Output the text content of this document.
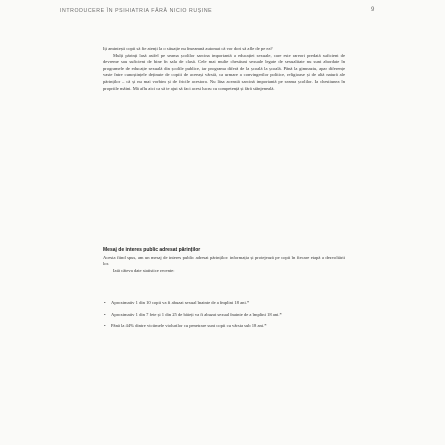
INTRODUCERE ÎN PSIHIATRIA FĂRĂ NICIO RUȘINE	9

Iți amintești copii să fie atenți la o situație nu înseamnă automat că vor dori să afle de pe ea?

Mulți părinți lasă astfel pe seama școlilor sarcina importantă a educației sexuale, care este rareori predată suficient de devreme sau suficient de bine în sala de clasă. Cele mai multe chestiuni sexuale legate de sexualitate nu sunt abordate în programele de educație sexuală din școlile publice, iar programa diferă de la școală la școală. Până la gimnaziu, apar diferențe vaste între cunoștințele deținute de copiii de aceeași vârstă, ca urmare a convingerilor politice, religioase și de altă natură ale părinților – că și nu mai vorbim și de fricile acestora. Nu lăsa această sarcină importantă pe seama școlilor. Ia chestiunea în propriile mâini. Mă aflu aici ca să te ajut să faci acest lucru cu competență și fără stânjeneală.

Mesaj de interes public adresat părinților

Acesta fiind spus, am un mesaj de interes public adresat părinților: informația și protejează pe copii în fiecare etapă a dezvoltării lor.

Iată câteva date statistice recente:

• Aproximativ 1 din 10 copii va fi abuzat sexual înainte de a împlini 18 ani.*
• Aproximativ 1 din 7 fete și 1 din 25 de băieți va fi abuzat sexual înainte de a împlini 18 ani.*
• Până la 44% dintre victimele violurilor cu penetrare sunt copii cu vârsta sub 18 ani.*
